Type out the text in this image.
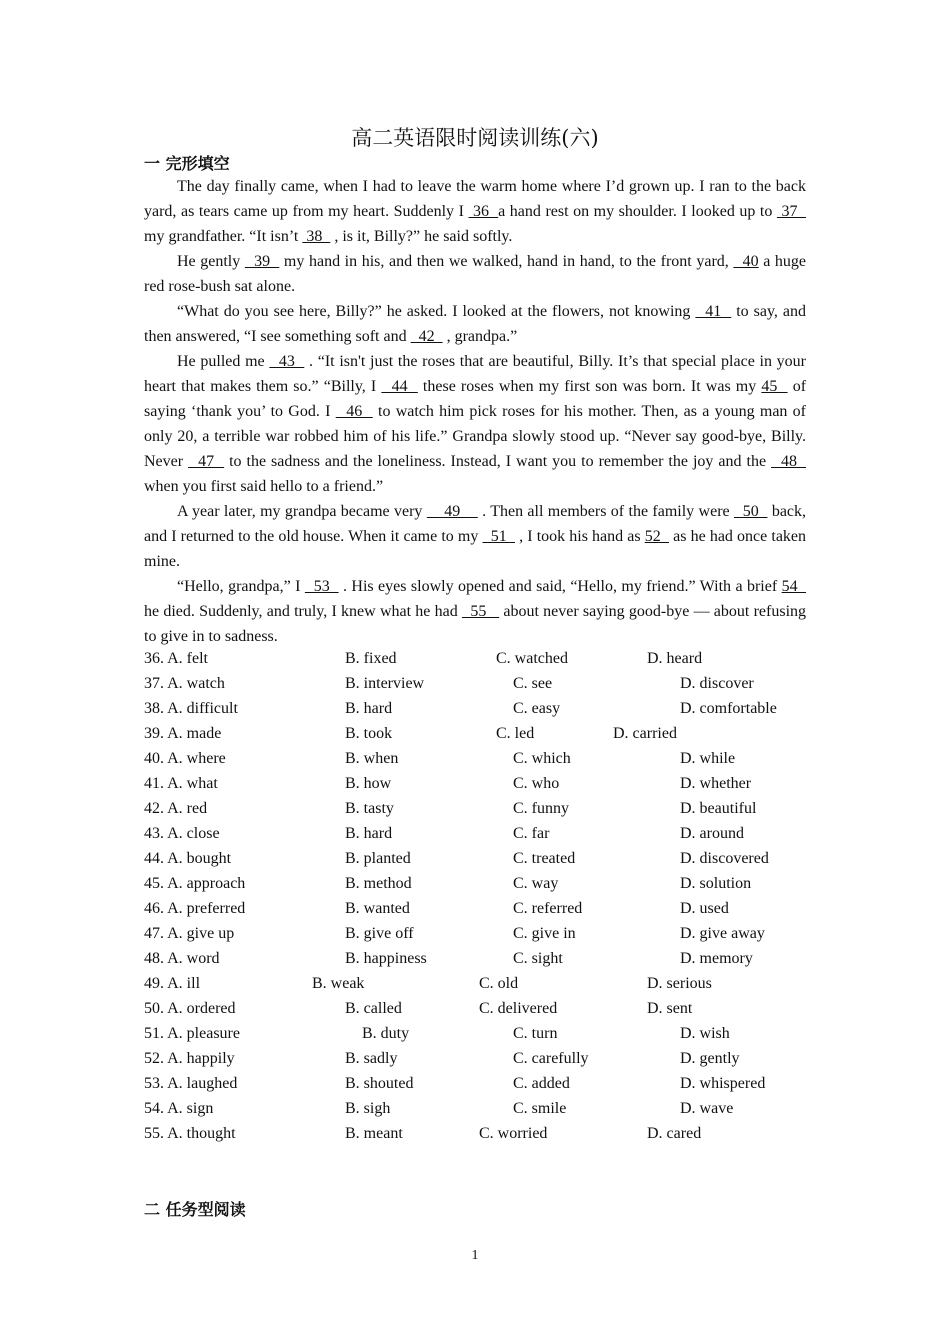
高二英语限时阅读训练(六)
一 完形填空

The day finally came, when I had to leave the warm home where I’d grown up. I ran to the back yard, as tears came up from my heart. Suddenly I  36  a hand rest on my shoulder. I looked up to  37   my grandfather. “It isn’t  38   , is it, Billy?” he said softly.

He gently   39   my hand in his, and then we walked, hand in hand, to the front yard,   40 a huge red rose-bush sat alone.

“What do you see here, Billy?” he asked. I looked at the flowers, not knowing   41   to say, and then answered, “I see something soft and   42   , grandpa.”

He pulled me   43   . “It isn't just the roses that are beautiful, Billy. It’s that special place in your heart that makes them so.” “Billy, I   44   these roses when my first son was born. It was my 45   of saying ‘thank you’ to God. I   46   to watch him pick roses for his mother. Then, as a young man of only 20, a terrible war robbed him of his life.” Grandpa slowly stood up. “Never say good-bye, Billy. Never   47   to the sadness and the loneliness. Instead, I want you to remember the joy and the   48   when you first said hello to a friend.”

A year later, my grandpa became very     49     . Then all members of the family were   50   back, and I returned to the old house. When it came to my   51   , I took his hand as 52   as he had once taken mine.

“Hello, grandpa,” I   53   . His eyes slowly opened and said, “Hello, my friend.” With a brief 54   he died. Suddenly, and truly, I knew what he had   55    about never saying good-bye — about refusing to give in to sadness.

36. A. felt	B. fixed	C. watched	D. heard
37. A. watch	B. interview	C. see	D. discover
38. A. difficult	B. hard	C. easy	D. comfortable
39. A. made	B. took	C. led	D. carried
40. A. where	B. when	C. which	D. while
41. A. what	B. how	C. who	D. whether
42. A. red	B. tasty	C. funny	D. beautiful
43. A. close	B. hard	C. far	D. around
44. A. bought	B. planted	C. treated	D. discovered
45. A. approach	B. method	C. way	D. solution
46. A. preferred	B. wanted	C. referred	D. used
47. A. give up	B. give off	C. give in	D. give away
48. A. word	B. happiness	C. sight	D. memory
49. A. ill	B. weak	C. old	D. serious
50. A. ordered	B. called	C. delivered	D. sent
51. A. pleasure	B. duty	C. turn	D. wish
52. A. happily	B. sadly	C. carefully	D. gently
53. A. laughed	B. shouted	C. added	D. whispered
54. A. sign	B. sigh	C. smile	D. wave
55. A. thought	B. meant	C. worried	D. cared
二 任务型阅读
1
